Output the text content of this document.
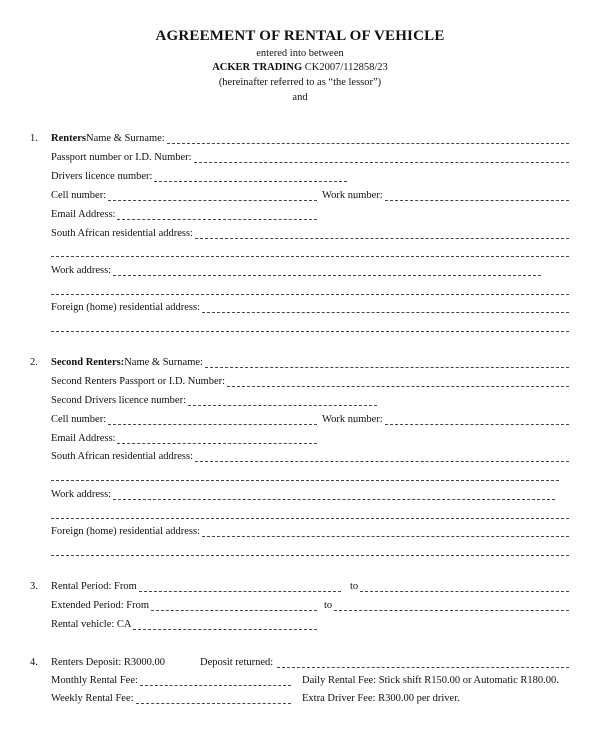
AGREEMENT OF RENTAL OF VEHICLE
entered into between
ACKER TRADING CK2007/112858/23
(hereinafter referred to as “the lessor”)
and
1. Renters Name & Surname:
Passport number or I.D. Number:
Drivers licence number:
Cell number:	Work number:
Email Address:
South African residential address:
Work address:
Foreign (home) residential address:
2. Second Renters: Name & Surname:
Second Renters Passport or I.D. Number:
Second Drivers licence number:
Cell number:	Work number:
Email Address:
South African residential address:
Work address:
Foreign (home) residential address:
3. Rental Period: From	to
Extended Period: From	to
Rental vehicle: CA
4. Renters Deposit: R3000.00	Deposit returned:
Monthly Rental Fee:	Daily Rental Fee: Stick shift R150.00 or Automatic R180.00.
Weekly Rental Fee:	Extra Driver Fee: R300.00 per driver.
